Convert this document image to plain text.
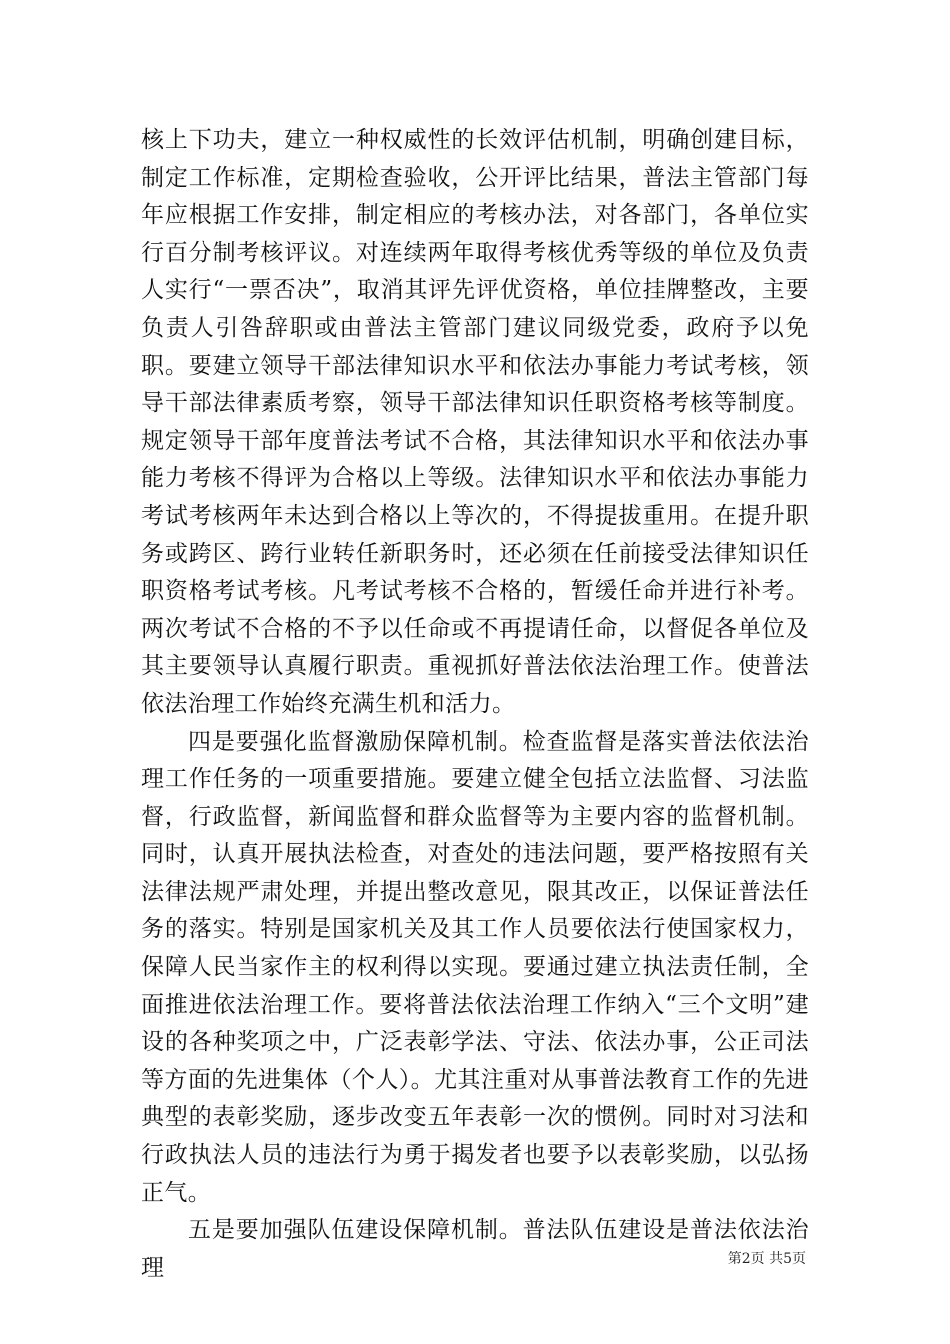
核上下功夫，建立一种权威性的长效评估机制，明确创建目标，制定工作标准，定期检查验收，公开评比结果，普法主管部门每年应根据工作安排，制定相应的考核办法，对各部门，各单位实行百分制考核评议。对连续两年取得考核优秀等级的单位及负责人实行“一票否决”，取消其评先评优资格，单位挂牌整改，主要负责人引咎辞职或由普法主管部门建议同级党委，政府予以免职。要建立领导干部法律知识水平和依法办事能力考试考核，领导干部法律素质考察，领导干部法律知识任职资格考核等制度。规定领导干部年度普法考试不合格，其法律知识水平和依法办事能力考核不得评为合格以上等级。法律知识水平和依法办事能力考试考核两年未达到合格以上等次的，不得提拔重用。在提升职务或跨区、跨行业转任新职务时，还必须在任前接受法律知识任职资格考试考核。凡考试考核不合格的，暂缓任命并进行补考。两次考试不合格的不予以任命或不再提请任命，以督促各单位及其主要领导认真履行职责。重视抓好普法依法治理工作。使普法依法治理工作始终充满生机和活力。

四是要强化监督激励保障机制。检查监督是落实普法依法治理工作任务的一项重要措施。要建立健全包括立法监督、习法监督，行政监督，新闻监督和群众监督等为主要内容的监督机制。同时，认真开展执法检查，对查处的违法问题，要严格按照有关法律法规严肃处理，并提出整改意见，限其改正，以保证普法任务的落实。特别是国家机关及其工作人员要依法行使国家权力，保障人民当家作主的权利得以实现。要通过建立执法责任制，全面推进依法治理工作。要将普法依法治理工作纳入“三个文明”建设的各种奖项之中，广泛表彰学法、守法、依法办事，公正司法等方面的先进集体（个人）。尤其注重对从事普法教育工作的先进典型的表彰奖励，逐步改变五年表彰一次的惯例。同时对习法和行政执法人员的违法行为勇于揭发者也要予以表彰奖励，以弘扬正气。

五是要加强队伍建设保障机制。普法队伍建设是普法依法治理	第2页 共5页
